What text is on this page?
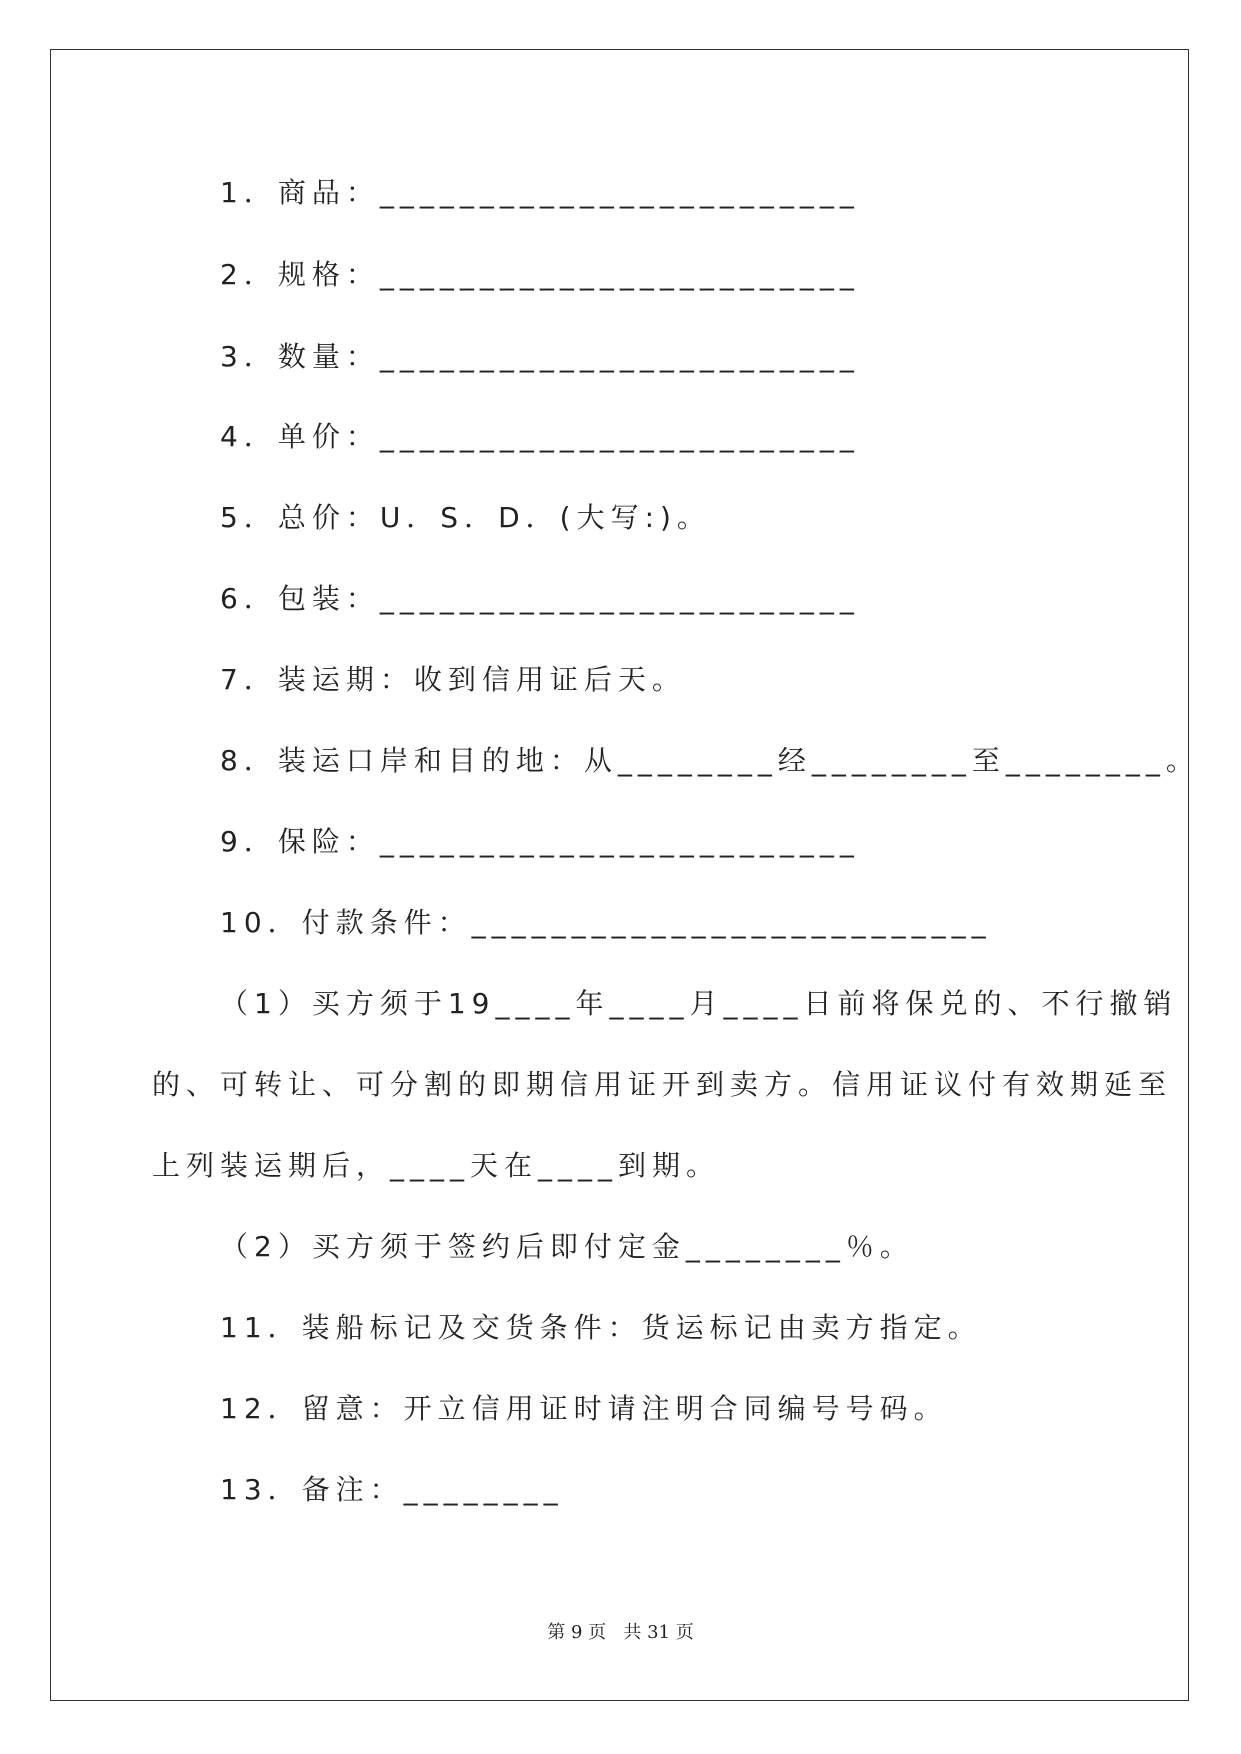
1．商品：________________________

2．规格：________________________

3．数量：________________________

4．单价：________________________

5．总价：U．S．D．(大写:)。

6．包装：________________________

7．装运期：收到信用证后天。

8．装运口岸和目的地：从________经________至________。

9．保险：________________________

10．付款条件：__________________________

（1）买方须于19____年____月____日前将保兑的、不行撤销

的、可转让、可分割的即期信用证开到卖方。信用证议付有效期延至

上列装运期后，____天在____到期。

（2）买方须于签约后即付定金________％。

11．装船标记及交货条件：货运标记由卖方指定。

12．留意：开立信用证时请注明合同编号号码。

13．备注：________

第 9 页   共 31 页
